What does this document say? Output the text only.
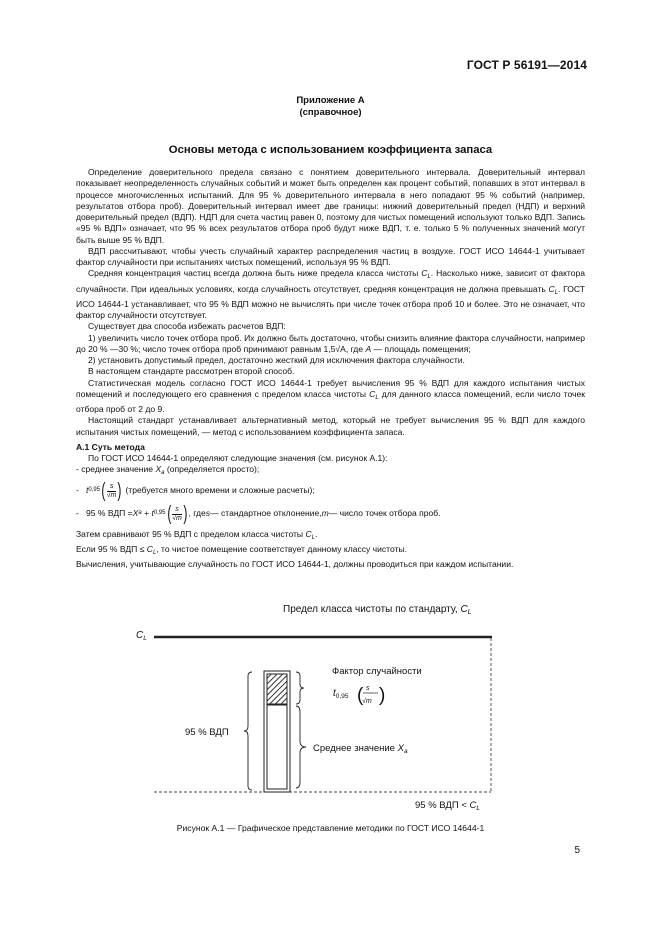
ГОСТ Р 56191—2014
Приложение А
(справочное)
Основы метода с использованием коэффициента запаса

Определение доверительного предела связано с понятием доверительного интервала. Доверительный интервал показывает неопределенность случайных событий и может быть определен как процент событий, попавших в этот интервал в процессе многочисленных испытаний. Для 95 % доверительного интервала в него попадают 95 % событий (например, результатов отбора проб). Доверительный интервал имеет две границы: нижний доверительный предел (НДП) и верхний доверительный предел (ВДП). НДП для счета частиц равен 0, поэтому для чистых помещений используют только ВДП. Запись «95 % ВДП» означает, что 95 % всех результатов отбора проб будут ниже ВДП, т. е. только 5 % полученных значений могут быть выше 95 % ВДП.

ВДП рассчитывают, чтобы учесть случайный характер распределения частиц в воздухе. ГОСТ ИСО 14644-1 учитывает фактор случайности при испытаниях чистых помещений, используя 95 % ВДП.

Средняя концентрация частиц всегда должна быть ниже предела класса чистоты $C_L$. Насколько ниже, зависит от фактора случайности. При идеальных условиях, когда случайность отсутствует, средняя концентрация не должна превышать $C_L$. ГОСТ ИСО 14644-1 устанавливает, что 95 % ВДП можно не вычислять при числе точек отбора проб 10 и более. Это не означает, что фактор случайности отсутствует.

Существует два способа избежать расчетов ВДП:

1) увеличить число точек отбора проб. Их должно быть достаточно, чтобы снизить влияние фактора случайности, например до 20 % —30 %; число точек отбора проб принимают равным 1,5√A, где A — площадь помещения;

2) установить допустимый предел, достаточно жесткий для исключения фактора случайности.

В настоящем стандарте рассмотрен второй способ.

Статистическая модель согласно ГОСТ ИСО 14644-1 требует вычисления 95 % ВДП для каждого испытания чистых помещений и последующего его сравнения с пределом класса чистоты $C_L$ для данного класса помещений, если число точек отбора проб от 2 до 9.

Настоящий стандарт устанавливает альтернативный метод, который не требует вычисления 95 % ВДП для каждого испытания чистых помещений, — метод с использованием коэффициента запаса.

А.1 Суть метода

По ГОСТ ИСО 14644-1 определяют следующие значения (см. рисунок А.1):

- среднее значение $X_a$ (определяется просто);

- t 0,95 ( $\frac{s}{√m}$ )
(требуется много времени и сложные расчеты);
- 95 % ВДП = X a + t 0,95 ( $\frac{s}{√m}$ ) , где s — стандартное отклонение, m — число точек отбора проб.

Затем сравнивают 95 % ВДП с пределом класса чистоты $C_L$.

Если 95 % ВДП ≤ $C_L$, то чистое помещение соответствует данному классу чистоты.

Вычисления, учитывающие случайность по ГОСТ ИСО 14644-1, должны проводиться при каждом испытании.

Предел класса чистоты по стандарту, $C_L$
$C_L$
Фактор случайности
$t_{0,95}$ ( s
√m )
95 % ВДП
Среднее значение $X_a$
95 % ВДП < $C_L$
Рисунок А.1 — Графическое представление методики по ГОСТ ИСО 14644-1
5
